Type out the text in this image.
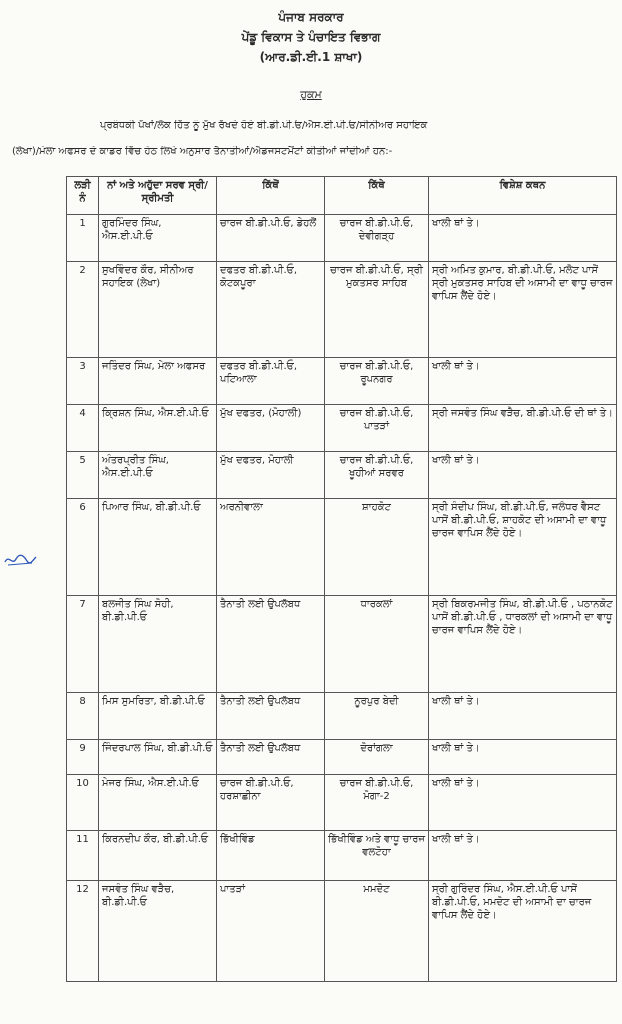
ਪੰਜਾਬ ਸਰਕਾਰ
ਪੇਂਡੂ ਵਿਕਾਸ ਤੇ ਪੰਚਾਇਤ ਵਿਭਾਗ
(ਆਰ.ਡੀ.ਈ.1 ਸ਼ਾਖਾ)
ਹੁਕਮ
ਪ੍ਰਬੰਧਕੀ ਪੱਖਾਂ/ਲੋਕ ਹਿੱਤ ਨੂੰ ਮੁੱਖ ਰੱਖਦੇ ਹੋਏ ਬੀ.ਡੀ.ਪੀ.ਓ/ਐਸ.ਈ.ਪੀ.ਓ/ਸੀਨੀਅਰ ਸਹਾਇਕ
(ਲੇਖਾ)/ਮੇਲਾ ਅਫਸਰ ਦੇ ਕਾਡਰ ਵਿੱਚ ਹੇਠ ਲਿਖੇ ਅਨੁਸਾਰ ਤੈਨਾਤੀਆਂ/ਐਡਜਸਟਮੈਂਟਾਂ ਕੀਤੀਆਂ ਜਾਂਦੀਆਂ ਹਨ:-
ਲੜੀ ਨੰ	ਨਾਂ ਅਤੇ ਅਹੁੱਦਾ ਸਰਵ ਸ੍ਰੀ/ਸ੍ਰੀਮਤੀ	ਕਿੱਥੋਂ	ਕਿੱਥੇ	ਵਿਸ਼ੇਸ਼ ਕਥਨ
1	ਗੁਰਮਿੰਦਰ ਸਿੰਘ, ਐਸ.ਈ.ਪੀ.ਓ	ਚਾਰਜ ਬੀ.ਡੀ.ਪੀ.ਓ, ਡੇਹਲੋਂ	ਚਾਰਜ ਬੀ.ਡੀ.ਪੀ.ਓ, ਦੇਵੀਗੜ੍ਹ	ਖਾਲੀ ਥਾਂ ਤੇ।
2	ਸੁਖਵਿੰਦਰ ਕੌਰ, ਸੀਨੀਅਰ ਸਹਾਇਕ (ਲੇਖਾ)	ਦਫਤਰ ਬੀ.ਡੀ.ਪੀ.ਓ, ਕੋਟਕਪੂਰਾ	ਚਾਰਜ ਬੀ.ਡੀ.ਪੀ.ਓ, ਸ੍ਰੀ ਮੁਕਤਸਰ ਸਾਹਿਬ	ਸ੍ਰੀ ਅਮਿਤ ਕੁਮਾਰ, ਬੀ.ਡੀ.ਪੀ.ਓ, ਮਲੋਟ ਪਾਸੋਂ ਸ੍ਰੀ ਮੁਕਤਸਰ ਸਾਹਿਬ ਦੀ ਅਸਾਮੀ ਦਾ ਵਾਧੂ ਚਾਰਜ ਵਾਪਿਸ ਲੈਂਦੇ ਹੋਏ।
3	ਜਤਿੰਦਰ ਸਿੰਘ, ਮੇਲਾ ਅਫਸਰ	ਦਫਤਰ ਬੀ.ਡੀ.ਪੀ.ਓ, ਪਟਿਆਲਾ	ਚਾਰਜ ਬੀ.ਡੀ.ਪੀ.ਓ, ਰੂਪਨਗਰ	ਖਾਲੀ ਥਾਂ ਤੇ।
4	ਕ੍ਰਿਸ਼ਨ ਸਿੰਘ, ਐਸ.ਈ.ਪੀ.ਓ	ਮੁੱਖ ਦਫਤਰ, (ਮੋਹਾਲੀ)	ਚਾਰਜ ਬੀ.ਡੀ.ਪੀ.ਓ, ਪਾਤੜਾਂ	ਸ੍ਰੀ ਜਸਵੰਤ ਸਿੰਘ ਵੜੈਚ, ਬੀ.ਡੀ.ਪੀ.ਓ ਦੀ ਥਾਂ ਤੇ।
5	ਅੰਤਰਪ੍ਰੀਤ ਸਿੰਘ, ਐਸ.ਈ.ਪੀ.ਓ	ਮੁੱਖ ਦਫਤਰ, ਮੋਹਾਲੀ	ਚਾਰਜ ਬੀ.ਡੀ.ਪੀ.ਓ, ਖੂਹੀਆਂ ਸਰਵਰ	ਖਾਲੀ ਥਾਂ ਤੇ।
6	ਪਿਆਰ ਸਿੰਘ, ਬੀ.ਡੀ.ਪੀ.ਓ	ਅਰਨੀਵਾਲਾ	ਸ਼ਾਹਕੋਟ	ਸ੍ਰੀ ਸੰਦੀਪ ਸਿੰਘ, ਬੀ.ਡੀ.ਪੀ.ਓ, ਜਲੰਧਰ ਵੈਸਟ ਪਾਸੋਂ ਬੀ.ਡੀ.ਪੀ.ਓ, ਸ਼ਾਹਕੋਟ ਦੀ ਅਸਾਮੀ ਦਾ ਵਾਧੂ ਚਾਰਜ ਵਾਪਿਸ ਲੈਂਦੇ ਹੋਏ।
7	ਬਲਜੀਤ ਸਿੰਘ ਸੋਹੀ, ਬੀ.ਡੀ.ਪੀ.ਓ	ਤੈਨਾਤੀ ਲਈ ਉਪਲੱਬਧ	ਧਾਰਕਲਾਂ	ਸ੍ਰੀ ਬਿਕਰਮਜੀਤ ਸਿੰਘ, ਬੀ.ਡੀ.ਪੀ.ਓ , ਪਠਾਨਕੋਟ ਪਾਸੋਂ ਬੀ.ਡੀ.ਪੀ.ਓ , ਧਾਰਕਲਾਂ ਦੀ ਅਸਾਮੀ ਦਾ ਵਾਧੂ ਚਾਰਜ ਵਾਪਿਸ ਲੈਂਦੇ ਹੋਏ।
8	ਮਿਸ ਸੁਮਰਿਤਾ, ਬੀ.ਡੀ.ਪੀ.ਓ	ਤੈਨਾਤੀ ਲਈ ਉਪਲੱਬਧ	ਨੂਰਪੁਰ ਬੇਦੀ	ਖਾਲੀ ਥਾਂ ਤੇ।
9	ਜਿੰਦਰਪਾਲ ਸਿੰਘ, ਬੀ.ਡੀ.ਪੀ.ਓ	ਤੈਨਾਤੀ ਲਈ ਉਪਲੱਬਧ	ਦੋਰਾਂਗਲਾ	ਖਾਲੀ ਥਾਂ ਤੇ।
10	ਮੇਜਰ ਸਿੰਘ, ਐਸ.ਈ.ਪੀ.ਓ	ਚਾਰਜ ਬੀ.ਡੀ.ਪੀ.ਓ, ਹਰਸ਼ਾਛੀਨਾ	ਚਾਰਜ ਬੀ.ਡੀ.ਪੀ.ਓ, ਮੋਗਾ-2	ਖਾਲੀ ਥਾਂ ਤੇ।
11	ਕਿਰਨਦੀਪ ਕੌਰ, ਬੀ.ਡੀ.ਪੀ.ਓ	ਭਿੱਖੀਵਿੰਡ	ਭਿੱਖੀਵਿੰਡ ਅਤੇ ਵਾਧੂ ਚਾਰਜ ਵਲਟੋਹਾ	ਖਾਲੀ ਥਾਂ ਤੇ।
12	ਜਸਵੰਤ ਸਿੰਘ ਵੜੈਚ, ਬੀ.ਡੀ.ਪੀ.ਓ	ਪਾਤੜਾਂ	ਮਮਦੋਟ	ਸ੍ਰੀ ਗੁਰਿੰਦਰ ਸਿੰਘ, ਐਸ.ਈ.ਪੀ.ਓ ਪਾਸੋਂ ਬੀ.ਡੀ.ਪੀ.ਓ, ਮਮਦੋਟ ਦੀ ਅਸਾਮੀ ਦਾ ਚਾਰਜ ਵਾਪਿਸ ਲੈਂਦੇ ਹੋਏ।
